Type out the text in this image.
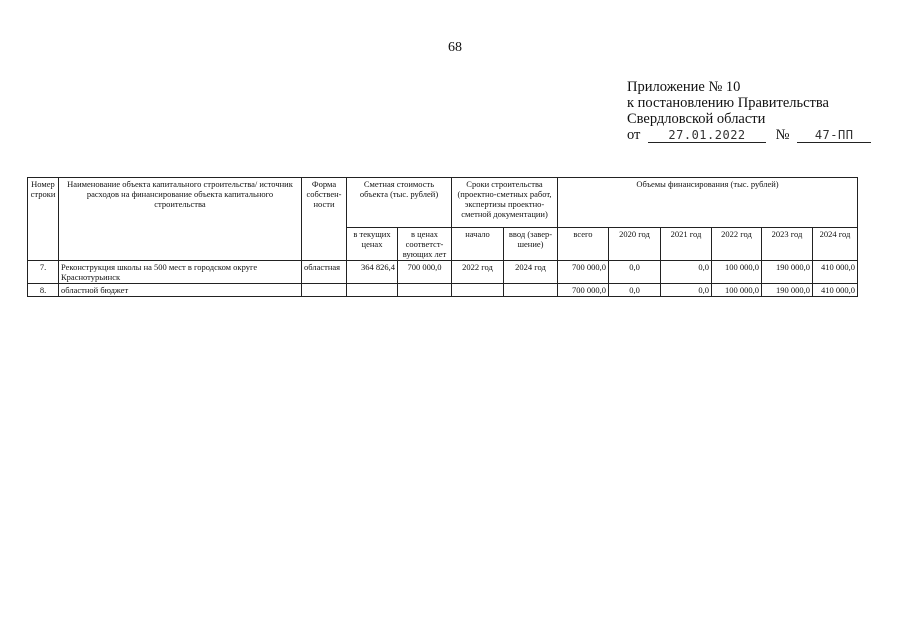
68
Приложение № 10
к постановлению Правительства
Свердловской области
от 27.01.2022 № 47-ПП
Номер строки	Наименование объекта капитального строительства/ источник расходов на финансирование объекта капитального строительства	Форма собствен-ности	Сметная стоимость объекта (тыс. рублей)		Сроки строительства (проектно-сметных работ, экспертизы проектно-сметной документации)		Объемы финансирования (тыс. рублей)					
			в текущих ценах	в ценах соответст-вующих лет	начало	ввод (завер-шение)	всего	2020 год	2021 год	2022 год	2023 год	2024 год
7.	Реконструкция школы на 500 мест в городском округе Краснотурьинск	областная	364 826,4	700 000,0	2022 год	2024 год	700 000,0	0,0	0,0	100 000,0	190 000,0	410 000,0
8.	областной бюджет						700 000,0	0,0	0,0	100 000,0	190 000,0	410 000,0
